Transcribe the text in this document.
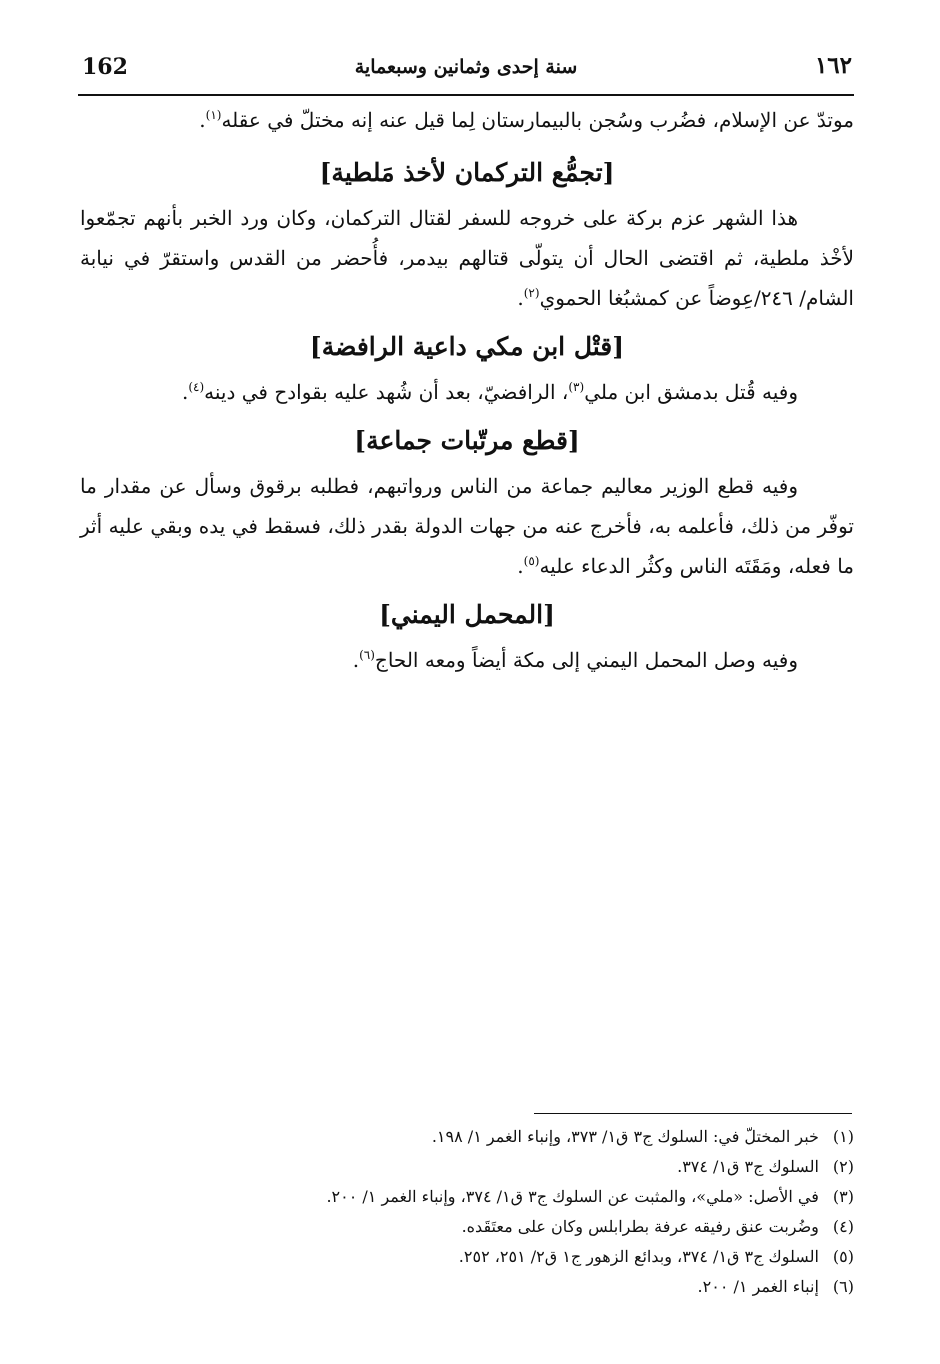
162	سنة إحدى وثمانين وسبعماية	١٦٢

موتدّ عن الإسلام، فضُرب وسُجن بالبيمارستان لِما قيل عنه إنه مختلّ في عقله$^{(١)}$.

[تجمُّع التركمان لأخذ مَلطية]

هذا الشهر عزم بركة على خروجه للسفر لقتال التركمان، وكان ورد الخبر بأنهم تجمّعوا لأخْذ ملطية، ثم اقتضى الحال أن يتولّى قتالهم بيدمر، فأُحضر من القدس واستقرّ في نيابة الشام/ ٢٤٦/عِوضاً عن كمشبُغا الحموي$^{(٢)}$.

[قتْل ابن مكي داعية الرافضة]

وفيه قُتل بدمشق ابن ملي$^{(٣)}$، الرافضيّ، بعد أن شُهد عليه بقوادح في دينه$^{(٤)}$.

[قطع مرتّبات جماعة]

وفيه قطع الوزير معاليم جماعة من الناس ورواتبهم، فطلبه برقوق وسأل عن مقدار ما توفّر من ذلك، فأعلمه به، فأخرج عنه من جهات الدولة بقدر ذلك، فسقط في يده وبقي عليه أثر ما فعله، ومَقَتَه الناس وكثُر الدعاء عليه$^{(٥)}$.

[المحمل اليمني]

وفيه وصل المحمل اليمني إلى مكة أيضاً ومعه الحاج$^{(٦)}$.

(١) خبر المختلّ في: السلوك ج٣ ق١/ ٣٧٣، وإنباء الغمر ١/ ١٩٨.
(٢) السلوك ج٣ ق١/ ٣٧٤.
(٣) في الأصل: «ملي»، والمثبت عن السلوك ج٣ ق١/ ٣٧٤، وإنباء الغمر ١/ ٢٠٠.
(٤) وضُربت عنق رفيقه عرفة بطرابلس وكان على معتَقَده.
(٥) السلوك ج٣ ق١/ ٣٧٤، وبدائع الزهور ج١ ق٢/ ٢٥١، ٢٥٢.
(٦) إنباء الغمر ١/ ٢٠٠.
